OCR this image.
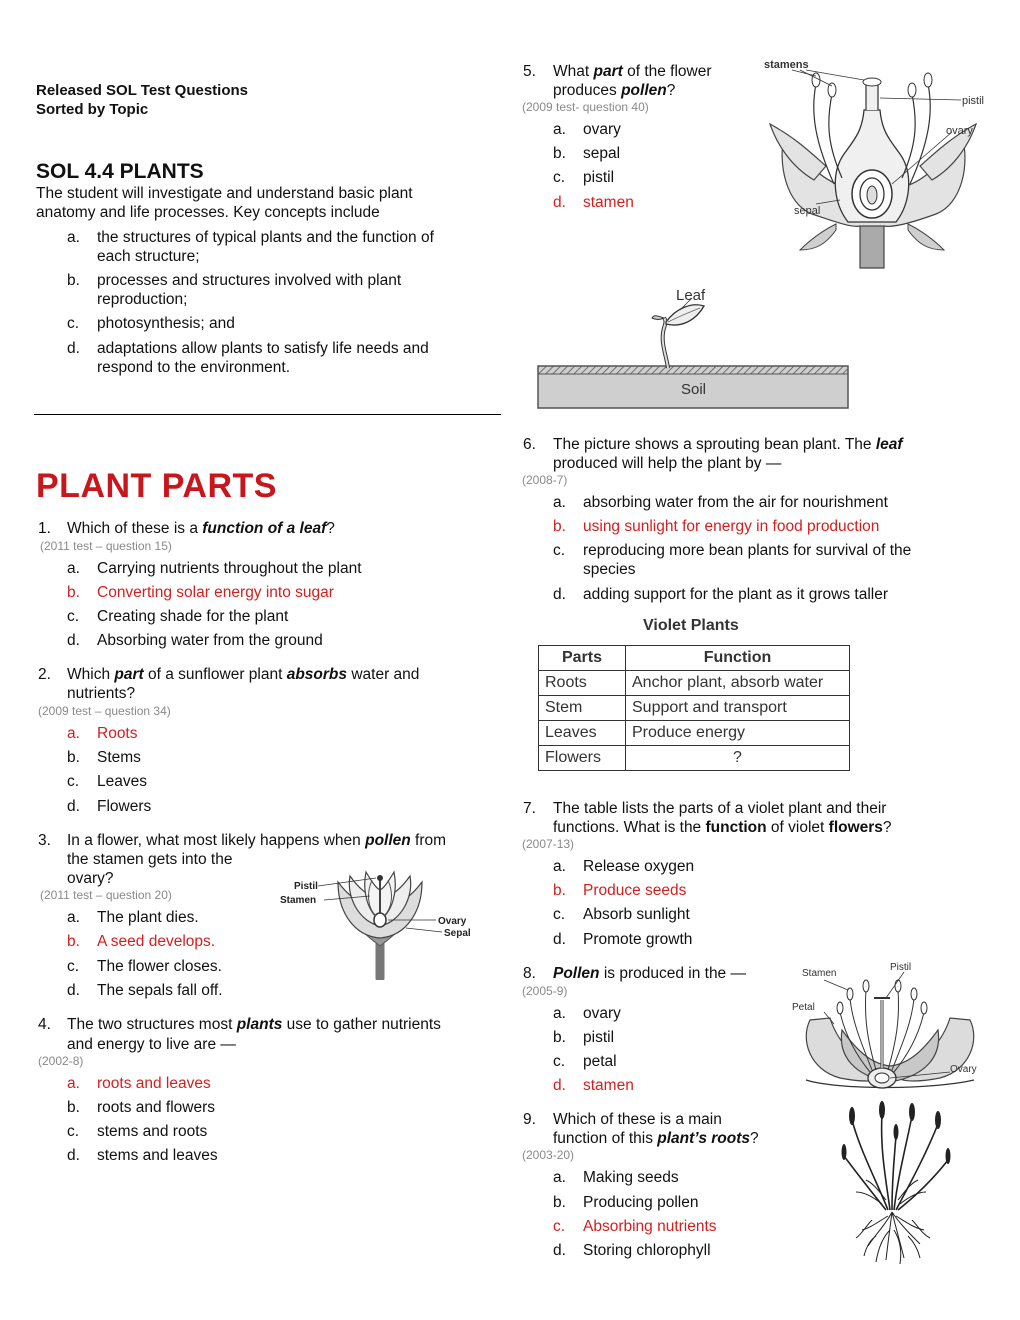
Released SOL Test Questions
Sorted by Topic
SOL 4.4 PLANTS
The student will investigate and understand basic plant
anatomy and life processes. Key concepts include
a. the structures of typical plants and the function of
each structure;
b. processes and structures involved with plant
reproduction;
c. photosynthesis; and
d. adaptations allow plants to satisfy life needs and
respond to the environment.
PLANT PARTS
1. Which of these is a function of a leaf?
(2011 test – question 15)
a. Carrying nutrients throughout the plant
b. Converting solar energy into sugar
c. Creating shade for the plant
d. Absorbing water from the ground
2. Which part of a sunflower plant absorbs water and
nutrients?
(2009 test – question 34)
a. Roots
b. Stems
c. Leaves
d. Flowers
3. In a flower, what most likely happens when pollen from
the stamen gets into the
ovary?
(2011 test – question 20)
a. The plant dies.
b. A seed develops.
c. The flower closes.
d. The sepals fall off.
Pistil
Stamen
Ovary
Sepal
4. The two structures most plants use to gather nutrients
and energy to live are —
(2002-8)
a. roots and leaves
b. roots and flowers
c. stems and roots
d. stems and leaves
5. What part of the flower
produces pollen?
(2009 test- question 40)
a. ovary
b. sepal
c. pistil
d. stamen
stamens
pistil
ovary
sepal
Soil
Leaf
6. The picture shows a sprouting bean plant. The leaf
produced will help the plant by —
(2008-7)
a. absorbing water from the air for nourishment
b. using sunlight for energy in food production
c. reproducing more bean plants for survival of the
species
d. adding support for the plant as it grows taller
Violet Plants
Parts	Function
Roots	Anchor plant, absorb water
Stem	Support and transport
Leaves	Produce energy
Flowers	?
7. The table lists the parts of a violet plant and their
functions. What is the function of violet flowers?
(2007-13)
a. Release oxygen
b. Produce seeds
c. Absorb sunlight
d. Promote growth
8. Pollen is produced in the —
(2005-9)
a. ovary
b. pistil
c. petal
d. stamen
Stamen
Pistil
Petal
Ovary
9. Which of these is a main
function of this plant’s roots?
(2003-20)
a. Making seeds
b. Producing pollen
c. Absorbing nutrients
d. Storing chlorophyll
